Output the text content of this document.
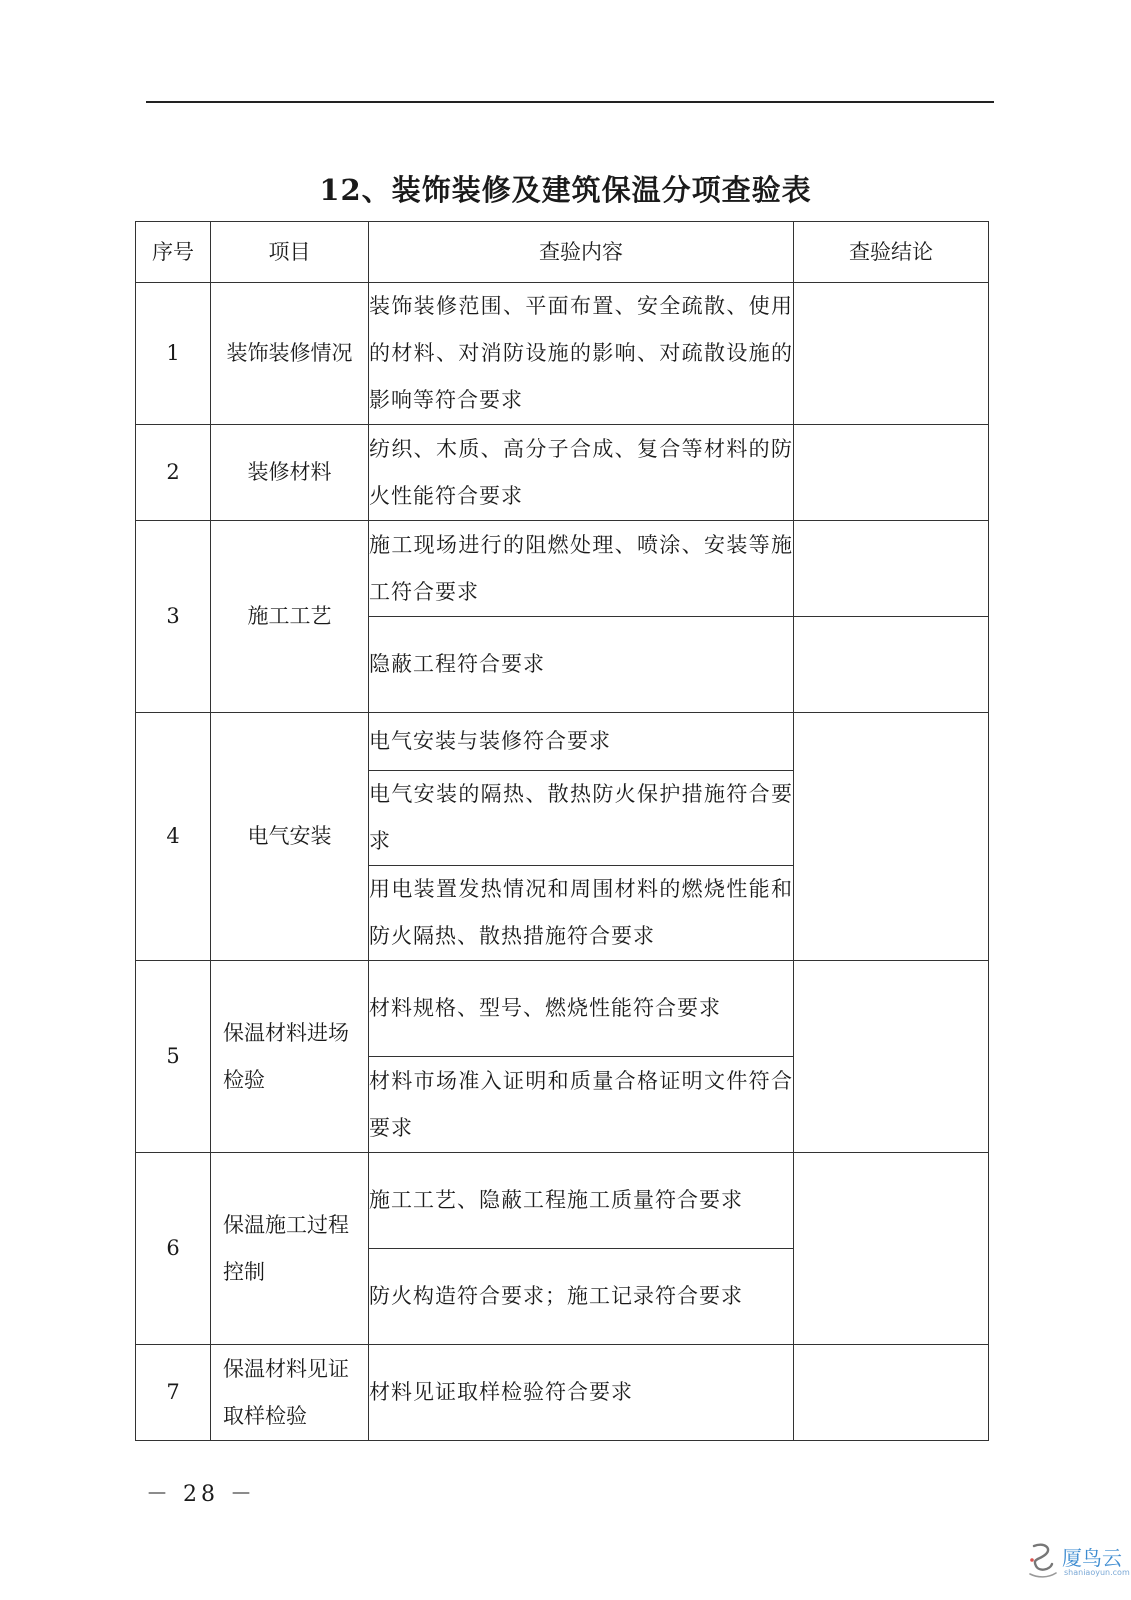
12、装饰装修及建筑保温分项查验表
序号	项目	查验内容	查验结论
1	装饰装修情况	装饰装修范围、平面布置、安全疏散、使用的材料、对消防设施的影响、对疏散设施的影响等符合要求	
2	装修材料	纺织、木质、高分子合成、复合等材料的防火性能符合要求	
3	施工工艺	施工现场进行的阻燃处理、喷涂、安装等施工符合要求	
		隐蔽工程符合要求	
4	电气安装	电气安装与装修符合要求	
		电气安装的隔热、散热防火保护措施符合要求	
		用电装置发热情况和周围材料的燃烧性能和防火隔热、散热措施符合要求	
5	保温材料进场检验	材料规格、型号、燃烧性能符合要求	
		材料市场准入证明和质量合格证明文件符合要求	
6	保温施工过程控制	施工工艺、隐蔽工程施工质量符合要求	
		防火构造符合要求；施工记录符合要求	
7	保温材料见证取样检验	材料见证取样检验符合要求	
－ 28 －
厦鸟云
shaniaoyun.com
